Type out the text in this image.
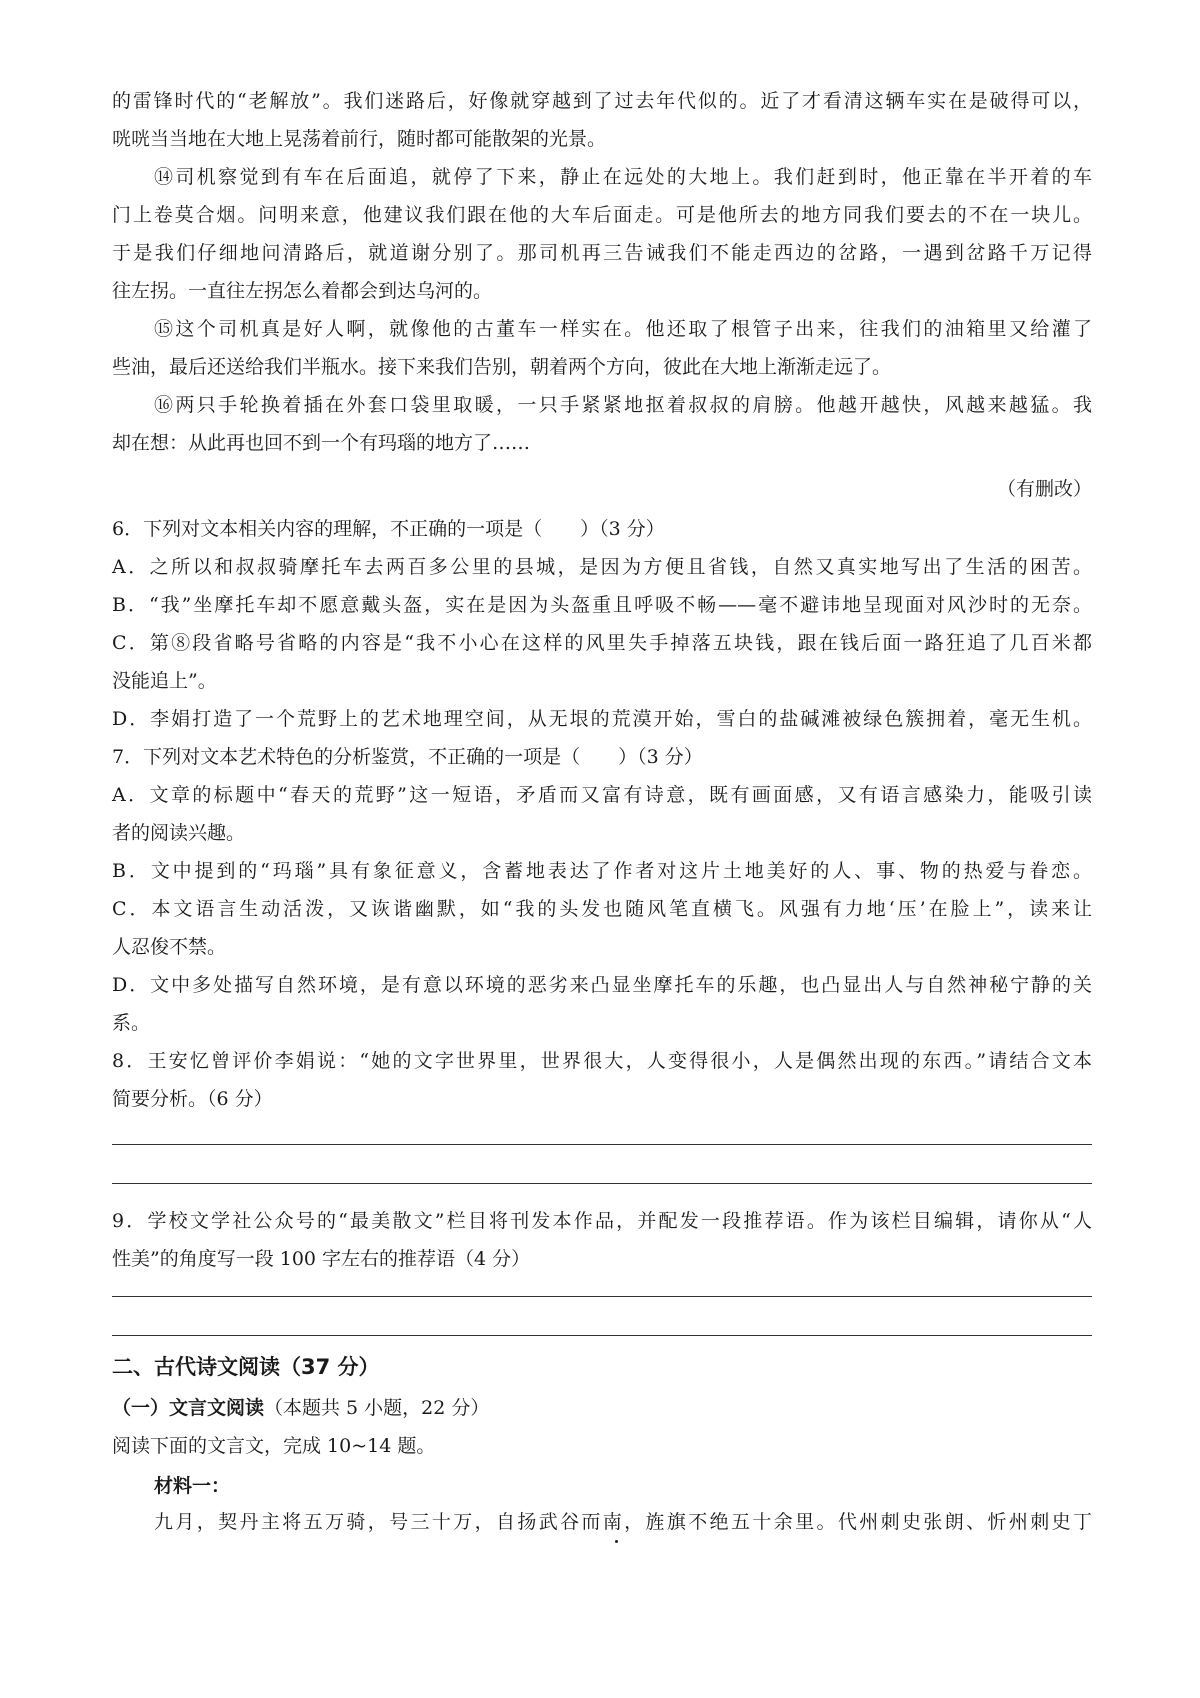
的雷锋时代的“老解放”。我们迷路后，好像就穿越到了过去年代似的。近了才看清这辆车实在是破得可以，
咣咣当当地在大地上晃荡着前行，随时都可能散架的光景。
⑭司机察觉到有车在后面追，就停了下来，静止在远处的大地上。我们赶到时，他正靠在半开着的车
门上卷莫合烟。问明来意，他建议我们跟在他的大车后面走。可是他所去的地方同我们要去的不在一块儿。
于是我们仔细地问清路后，就道谢分别了。那司机再三告诫我们不能走西边的岔路，一遇到岔路千万记得
往左拐。一直往左拐怎么着都会到达乌河的。
⑮这个司机真是好人啊，就像他的古董车一样实在。他还取了根管子出来，往我们的油箱里又给灌了
些油，最后还送给我们半瓶水。接下来我们告别，朝着两个方向，彼此在大地上渐渐走远了。
⑯两只手轮换着插在外套口袋里取暖，一只手紧紧地抠着叔叔的肩膀。他越开越快，风越来越猛。我
却在想：从此再也回不到一个有玛瑙的地方了……
（有删改）
6．下列对文本相关内容的理解，不正确的一项是（　　）（3 分）
A．之所以和叔叔骑摩托车去两百多公里的县城，是因为方便且省钱，自然又真实地写出了生活的困苦。
B．“我”坐摩托车却不愿意戴头盔，实在是因为头盔重且呼吸不畅——毫不避讳地呈现面对风沙时的无奈。
C．第⑧段省略号省略的内容是“我不小心在这样的风里失手掉落五块钱，跟在钱后面一路狂追了几百米都
没能追上”。
D．李娟打造了一个荒野上的艺术地理空间，从无垠的荒漠开始，雪白的盐碱滩被绿色簇拥着，毫无生机。
7．下列对文本艺术特色的分析鉴赏，不正确的一项是（　　）（3 分）
A．文章的标题中“春天的荒野”这一短语，矛盾而又富有诗意，既有画面感，又有语言感染力，能吸引读
者的阅读兴趣。
B．文中提到的“玛瑙”具有象征意义，含蓄地表达了作者对这片土地美好的人、事、物的热爱与眷恋。
C．本文语言生动活泼，又诙谐幽默，如“我的头发也随风笔直横飞。风强有力地‘压’在脸上”，读来让
人忍俊不禁。
D．文中多处描写自然环境，是有意以环境的恶劣来凸显坐摩托车的乐趣，也凸显出人与自然神秘宁静的关
系。
8．王安忆曾评价李娟说：“她的文字世界里，世界很大，人变得很小，人是偶然出现的东西。”请结合文本
简要分析。（6 分）
9．学校文学社公众号的“最美散文”栏目将刊发本作品，并配发一段推荐语。作为该栏目编辑，请你从“人
性美”的角度写一段 100 字左右的推荐语（4 分）
二、古代诗文阅读（37 分）
（一）文言文阅读（本题共 5 小题，22 分）
阅读下面的文言文，完成 10~14 题。
材料一：
九月，契丹主将五万骑，号三十万，自扬武谷而南，旌旗不绝五十余里。代州刺史张朗、忻州刺史丁
